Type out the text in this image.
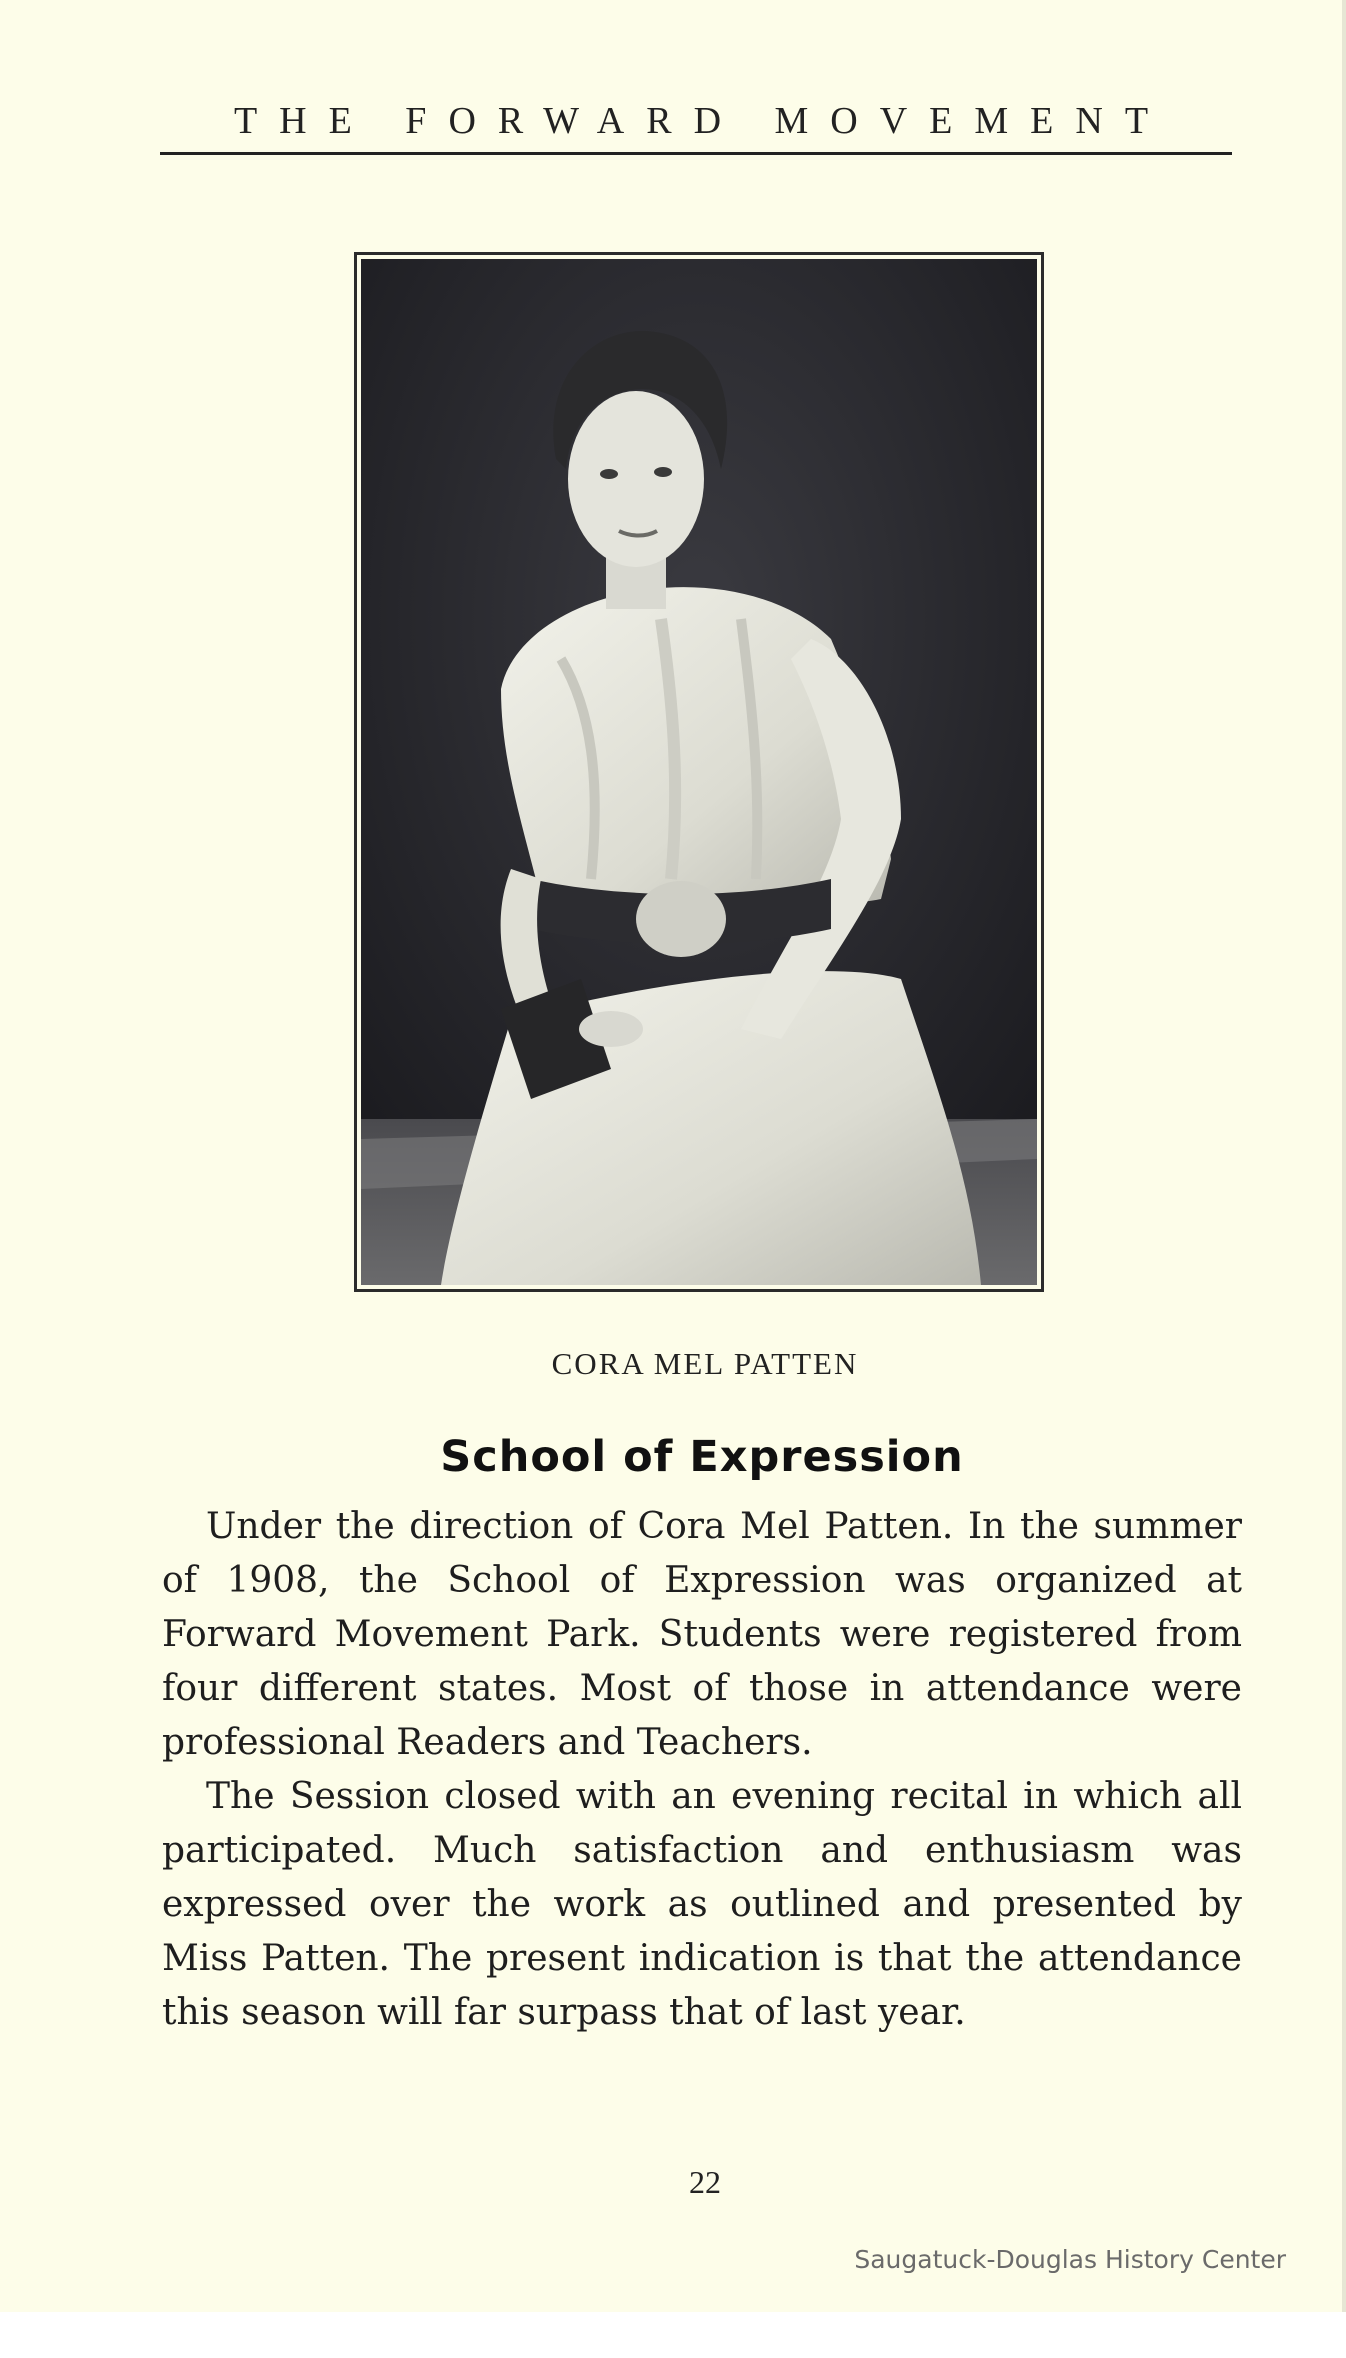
THE FORWARD MOVEMENT
CORA MEL PATTEN
School of Expression

Under the direction of Cora Mel Patten. In the summer of 1908, the School of Expression was organized at Forward Movement Park. Students were registered from four different states. Most of those in attendance were professional Readers and Teachers.

The Session closed with an evening recital in which all participated. Much satisfaction and enthusiasm was expressed over the work as outlined and presented by Miss Patten. The present indication is that the attendance this season will far surpass that of last year.

22
Saugatuck-Douglas History Center
